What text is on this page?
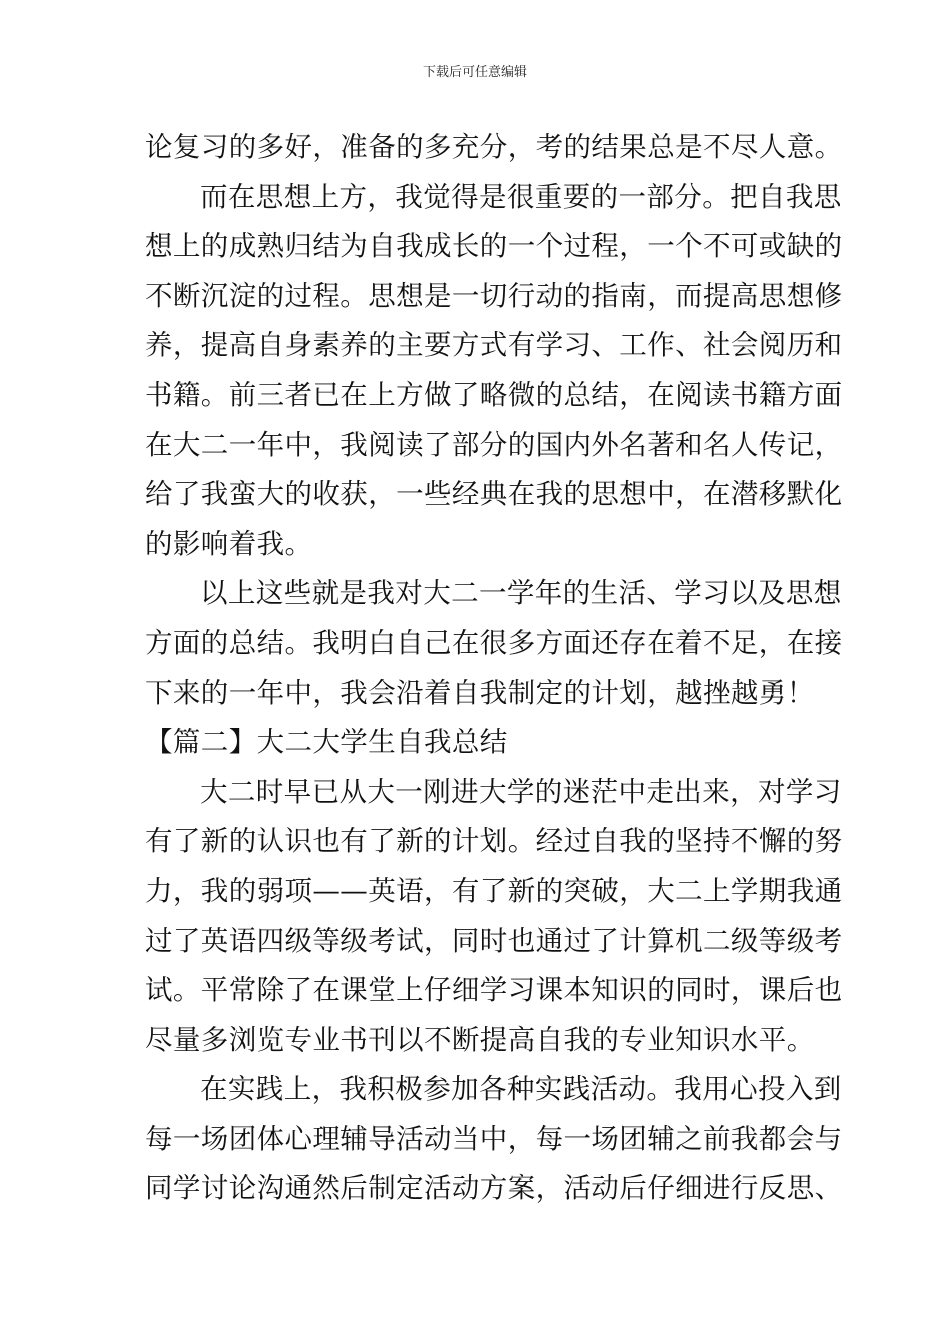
下载后可任意编辑
论复习的多好，准备的多充分，考的结果总是不尽人意。
而在思想上方，我觉得是很重要的一部分。把自我思
想上的成熟归结为自我成长的一个过程，一个不可或缺的
不断沉淀的过程。思想是一切行动的指南，而提高思想修
养，提高自身素养的主要方式有学习、工作、社会阅历和
书籍。前三者已在上方做了略微的总结，在阅读书籍方面
在大二一年中，我阅读了部分的国内外名著和名人传记，
给了我蛮大的收获，一些经典在我的思想中，在潜移默化
的影响着我。
以上这些就是我对大二一学年的生活、学习以及思想
方面的总结。我明白自己在很多方面还存在着不足，在接
下来的一年中，我会沿着自我制定的计划，越挫越勇！
【篇二】大二大学生自我总结
大二时早已从大一刚进大学的迷茫中走出来，对学习
有了新的认识也有了新的计划。经过自我的坚持不懈的努
力，我的弱项——英语，有了新的突破，大二上学期我通
过了英语四级等级考试，同时也通过了计算机二级等级考
试。平常除了在课堂上仔细学习课本知识的同时，课后也
尽量多浏览专业书刊以不断提高自我的专业知识水平。
在实践上，我积极参加各种实践活动。我用心投入到
每一场团体心理辅导活动当中，每一场团辅之前我都会与
同学讨论沟通然后制定活动方案，活动后仔细进行反思、
